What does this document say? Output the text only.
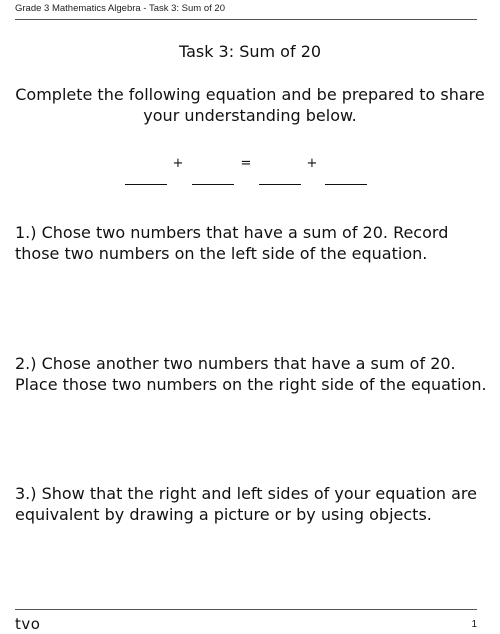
Grade 3 Mathematics Algebra - Task 3: Sum of 20
Task 3: Sum of 20
Complete the following equation and be prepared to share your understanding below.
+	=	+
1.) Chose two numbers that have a sum of 20. Record those two numbers on the left side of the equation.
2.) Chose another two numbers that have a sum of 20. Place those two numbers on the right side of the equation.
3.) Show that the right and left sides of your equation are equivalent by drawing a picture or by using objects.
tvo	1
